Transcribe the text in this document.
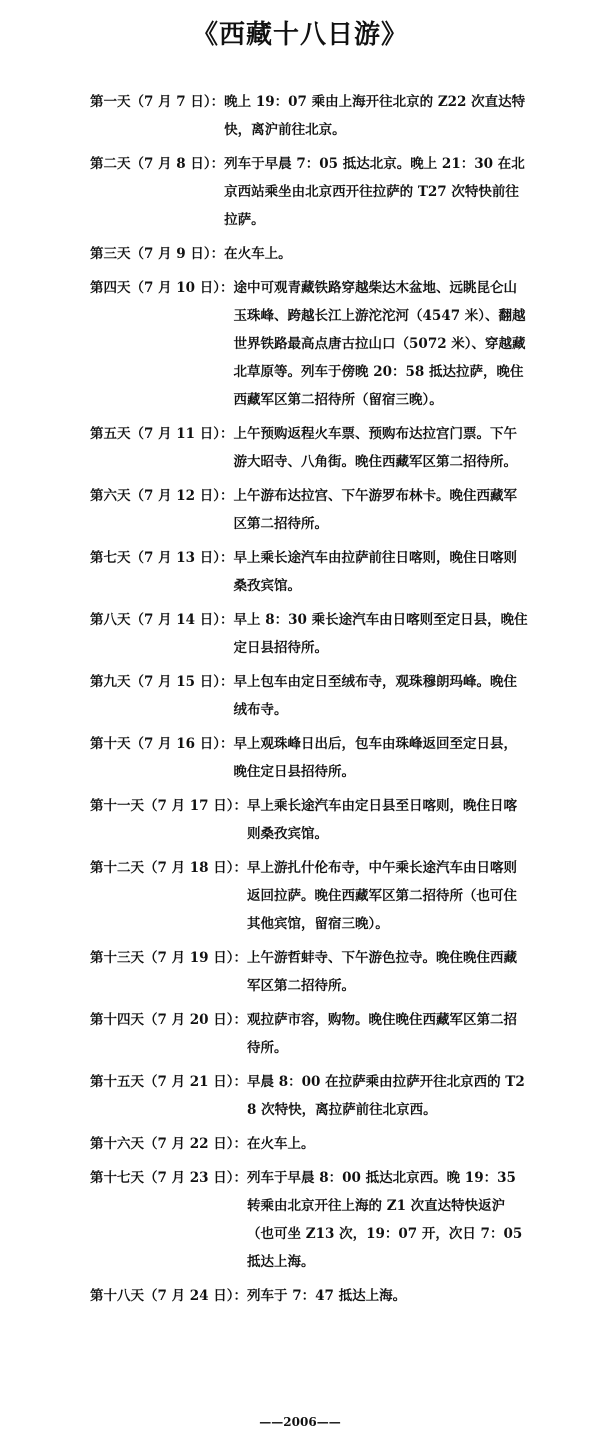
《西藏十八日游》
第一天（7 月 7 日）： 晚上 19：07 乘由上海开往北京的 Z22 次直达特快，离沪前往北京。
第二天（7 月 8 日）： 列车于早晨 7：05 抵达北京。晚上 21：30 在北京西站乘坐由北京西开往拉萨的 T27 次特快前往拉萨。
第三天（7 月 9 日）： 在火车上。
第四天（7 月 10 日）： 途中可观青藏铁路穿越柴达木盆地、远眺昆仑山玉珠峰、跨越长江上游沱沱河（4547 米）、翻越世界铁路最高点唐古拉山口（5072 米）、穿越藏北草原等。列车于傍晚 20：58 抵达拉萨，晚住西藏军区第二招待所（留宿三晚）。
第五天（7 月 11 日）： 上午预购返程火车票、预购布达拉宫门票。下午游大昭寺、八角街。晚住西藏军区第二招待所。
第六天（7 月 12 日）： 上午游布达拉宫、下午游罗布林卡。晚住西藏军区第二招待所。
第七天（7 月 13 日）： 早上乘长途汽车由拉萨前往日喀则，晚住日喀则桑孜宾馆。
第八天（7 月 14 日）： 早上 8：30 乘长途汽车由日喀则至定日县，晚住定日县招待所。
第九天（7 月 15 日）： 早上包车由定日至绒布寺，观珠穆朗玛峰。晚住绒布寺。
第十天（7 月 16 日）： 早上观珠峰日出后，包车由珠峰返回至定日县，晚住定日县招待所。
第十一天（7 月 17 日）： 早上乘长途汽车由定日县至日喀则，晚住日喀则桑孜宾馆。
第十二天（7 月 18 日）： 早上游扎什伦布寺，中午乘长途汽车由日喀则返回拉萨。晚住西藏军区第二招待所（也可住其他宾馆，留宿三晚）。
第十三天（7 月 19 日）： 上午游哲蚌寺、下午游色拉寺。晚住晚住西藏军区第二招待所。
第十四天（7 月 20 日）： 观拉萨市容，购物。晚住晚住西藏军区第二招待所。
第十五天（7 月 21 日）： 早晨 8：00 在拉萨乘由拉萨开往北京西的 T28 次特快，离拉萨前往北京西。
第十六天（7 月 22 日）： 在火车上。
第十七天（7 月 23 日）： 列车于早晨 8：00 抵达北京西。晚 19：35 转乘由北京开往上海的 Z1 次直达特快返沪（也可坐 Z13 次，19：07 开，次日 7：05 抵达上海。
第十八天（7 月 24 日）： 列车于 7：47 抵达上海。
——2006——
